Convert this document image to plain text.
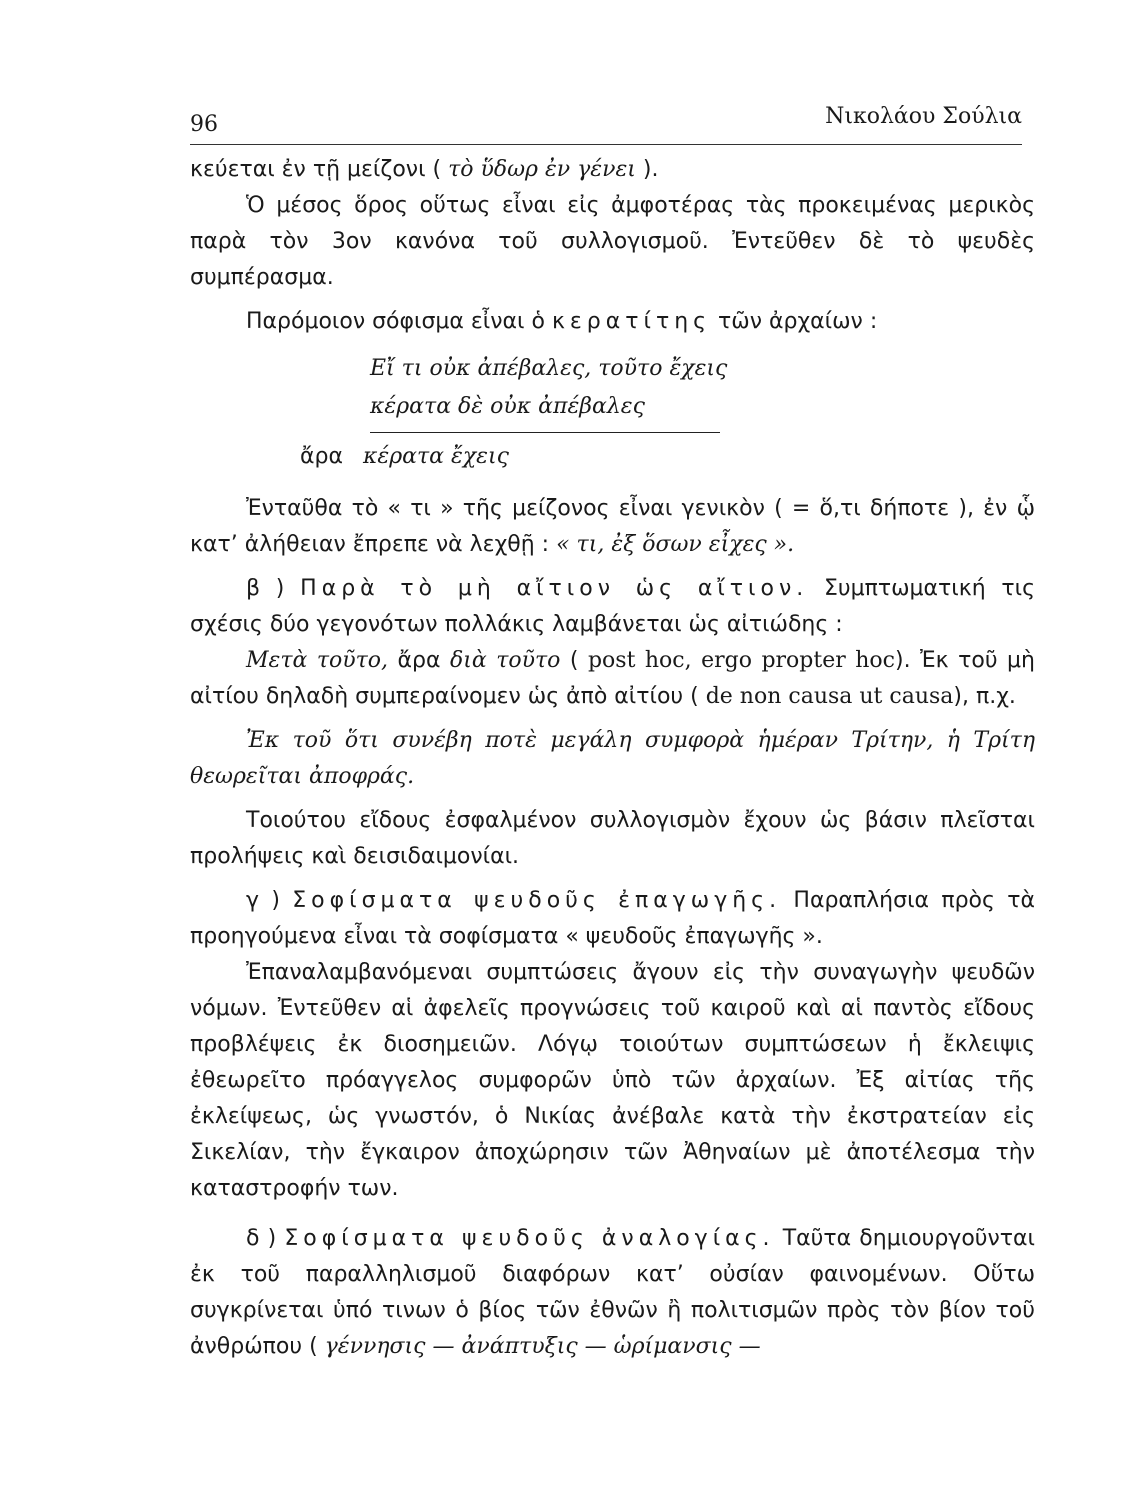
96	Νικολάου Σούλια

κεύεται ἐν τῇ μείζονι ( τὸ ὕδωρ ἐν γένει ).

Ὁ μέσος ὅρος οὕτως εἶναι εἰς ἀμφοτέρας τὰς προκειμένας μερικὸς παρὰ τὸν 3ον κανόνα τοῦ συλλογισμοῦ. Ἐντεῦθεν δὲ τὸ ψευδὲς συμπέρασμα.

Παρόμοιον σόφισμα εἶναι ὁ κερατίτης τῶν ἀρχαίων :

Εἴ τι οὐκ ἀπέβαλες, τοῦτο ἔχεις
κέρατα δὲ οὐκ ἀπέβαλες
ἄρα κέρατα ἔχεις

Ἐνταῦθα τὸ « τι » τῆς μείζονος εἶναι γενικὸν ( = ὅ,τι δήποτε ), ἐν ᾧ κατ’ ἀλήθειαν ἔπρεπε νὰ λεχθῇ : « τι, ἐξ ὅσων εἶχες ».

β ) Παρὰ τὸ μὴ αἴτιον ὡς αἴτιον. Συμπτωματική τις σχέσις δύο γεγονότων πολλάκις λαμβάνεται ὡς αἰτιώδης :

Μετὰ τοῦτο, ἄρα διὰ τοῦτο ( post hoc, ergo propter hoc). Ἐκ τοῦ μὴ αἰτίου δηλαδὴ συμπεραίνομεν ὡς ἀπὸ αἰτίου ( de non causa ut causa), π.χ.

Ἐκ τοῦ ὅτι συνέβη ποτὲ μεγάλη συμφορὰ ἡμέραν Τρίτην, ἡ Τρίτη θεωρεῖται ἀποφράς.

Τοιούτου εἴδους ἐσφαλμένον συλλογισμὸν ἔχουν ὡς βάσιν πλεῖσται προλήψεις καὶ δεισιδαιμονίαι.

γ ) Σοφίσματα ψευδοῦς ἐπαγωγῆς. Παραπλήσια πρὸς τὰ προηγούμενα εἶναι τὰ σοφίσματα « ψευδοῦς ἐπαγωγῆς ».

Ἐπαναλαμβανόμεναι συμπτώσεις ἄγουν εἰς τὴν συναγωγὴν ψευδῶν νόμων. Ἐντεῦθεν αἱ ἀφελεῖς προγνώσεις τοῦ καιροῦ καὶ αἱ παντὸς εἴδους προβλέψεις ἐκ διοσημειῶν. Λόγῳ τοιούτων συμπτώσεων ἡ ἔκλειψις ἐθεωρεῖτο πρόαγγελος συμφορῶν ὑπὸ τῶν ἀρχαίων. Ἐξ αἰτίας τῆς ἐκλείψεως, ὡς γνωστόν, ὁ Νικίας ἀνέβαλε κατὰ τὴν ἐκστρατείαν εἰς Σικελίαν, τὴν ἔγκαιρον ἀποχώρησιν τῶν Ἀθηναίων μὲ ἀποτέλεσμα τὴν καταστροφήν των.

δ ) Σοφίσματα ψευδοῦς ἀναλογίας. Ταῦτα δημιουργοῦνται ἐκ τοῦ παραλληλισμοῦ διαφόρων κατ’ οὐσίαν φαινομένων. Οὕτω συγκρίνεται ὑπό τινων ὁ βίος τῶν ἐθνῶν ἢ πολιτισμῶν πρὸς τὸν βίον τοῦ ἀνθρώπου ( γέννησις — ἀνάπτυξις — ὡρίμανσις —
